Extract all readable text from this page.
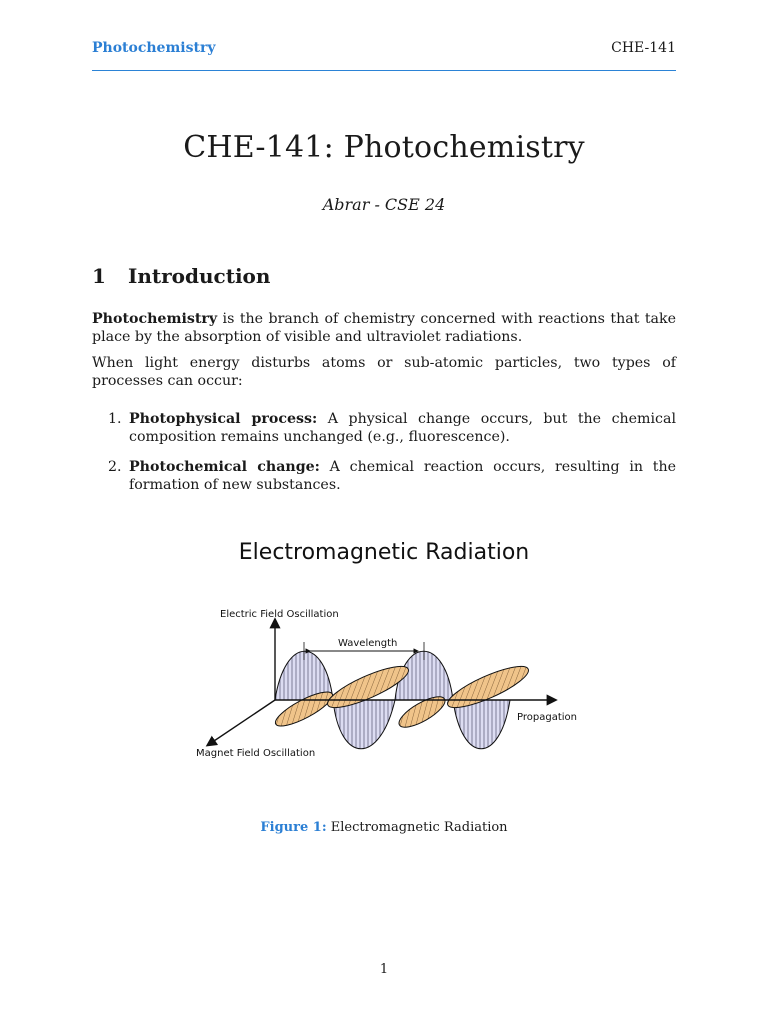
Photochemistry	CHE-141
CHE-141: Photochemistry
Abrar - CSE 24
1 Introduction
Photochemistry is the branch of chemistry concerned with reactions that take place by the absorption of visible and ultraviolet radiations.
When light energy disturbs atoms or sub-atomic particles, two types of processes can occur:
1. Photophysical process: A physical change occurs, but the chemical composition remains unchanged (e.g., fluorescence).
2. Photochemical change: A chemical reaction occurs, resulting in the formation of new substances.
Electromagnetic Radiation
Electric Field Oscillation
Wavelength
Propagation
Magnet Field Oscillation
Figure 1: Electromagnetic Radiation
1
